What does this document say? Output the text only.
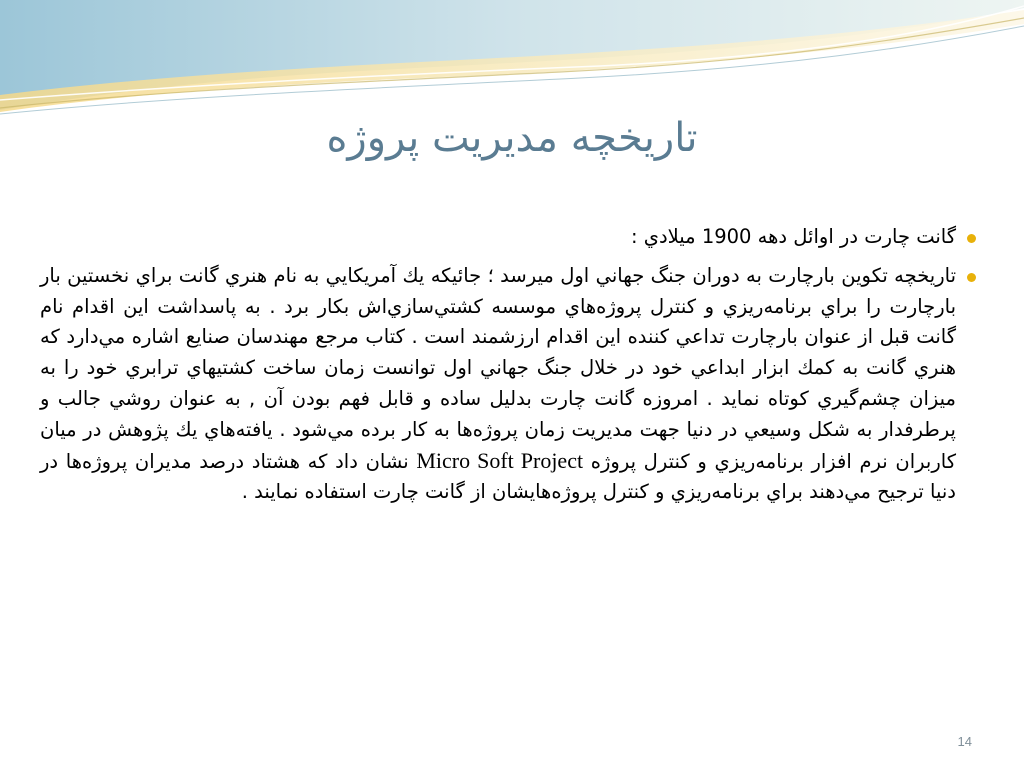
تاريخچه مديريت پروژه
گانت چارت در اوائل دهه 1900 ميلادي :
تاريخچه تكوين بارچارت به دوران جنگ جهاني اول ميرسد ؛ جائيكه يك آمريكايي به نام هنري گانت براي نخستين بار بارچارت را براي برنامه‌ريزي و كنترل پروژه‌هاي موسسه كشتي‌سازي‌اش بكار برد . به پاسداشت اين اقدام نام گانت قبل از عنوان بارچارت تداعي كننده اين اقدام ارزشمند است . كتاب مرجع مهندسان صنايع اشاره مي‌دارد كه هنري گانت به كمك ابزار ابداعي خود در خلال جنگ جهاني اول توانست زمان ساخت كشتيهاي ترابري خود را به ميزان چشم‌گيري كوتاه نمايد . امروزه گانت چارت بدليل ساده و قابل فهم بودن آن , به عنوان روشي جالب و پرطرفدار به شكل وسيعي در دنيا جهت مديريت زمان پروژه‌ها به كار برده مي‌شود . يافته‌هاي يك پژوهش در ميان كاربران نرم افزار برنامه‌ريزي و كنترل پروژه Micro Soft Project نشان داد كه هشتاد درصد مديران پروژه‌ها در دنيا ترجيح مي‌دهند براي برنامه‌ريزي و كنترل پروژه‌هايشان از گانت چارت استفاده نمايند .
14
